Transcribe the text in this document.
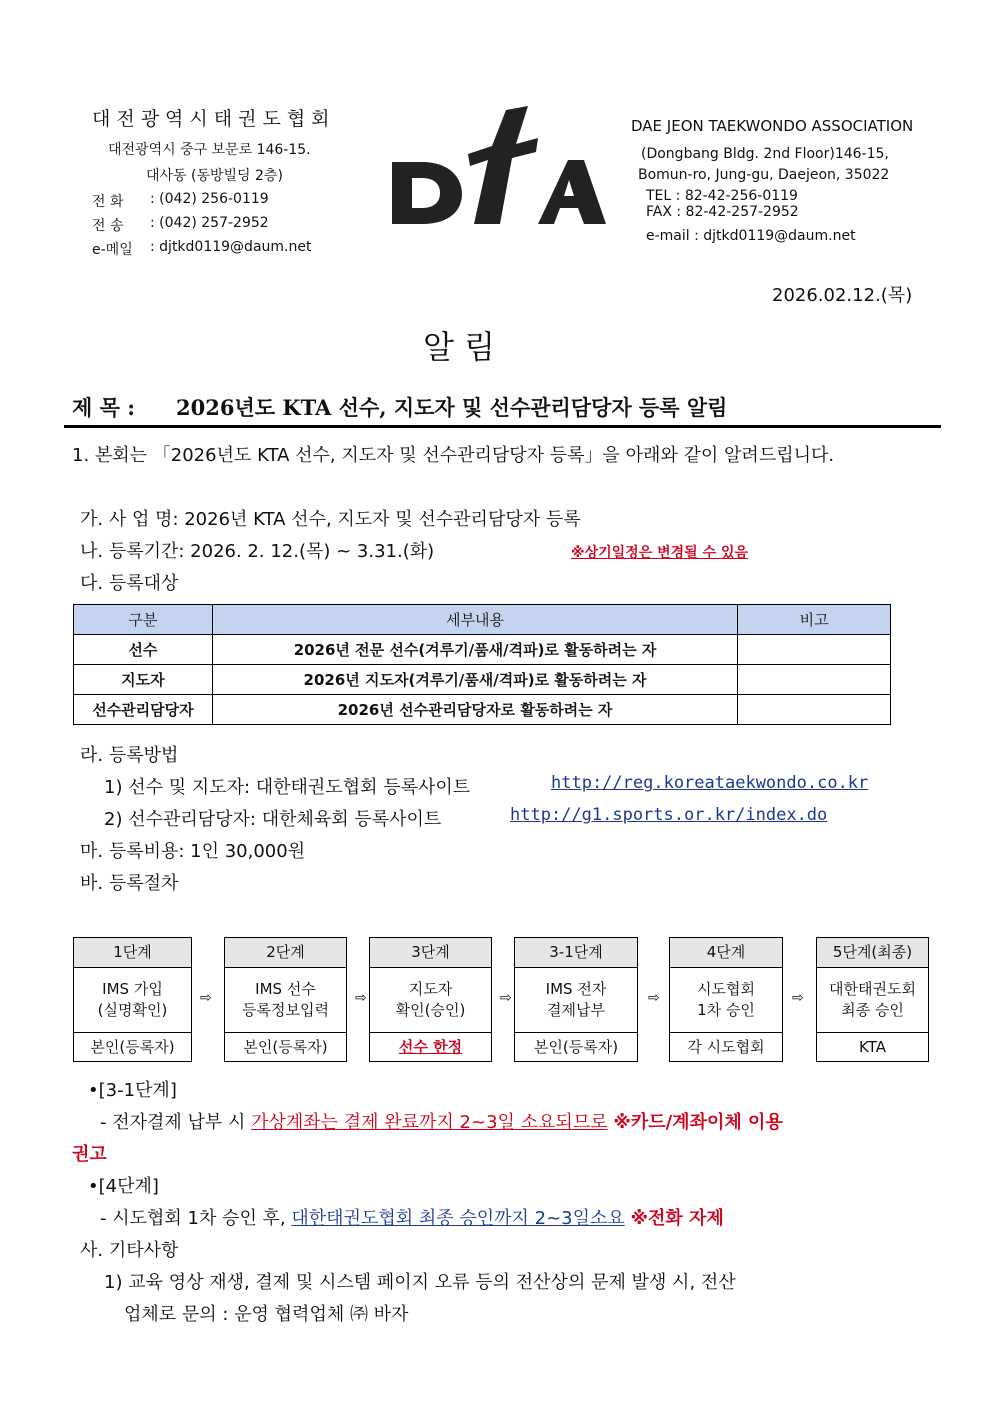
대전광역시태권도협회
대전광역시 중구 보문로 146-15.
대사동 (동방빌딩 2층)
전 화 : (042) 256-0119
전 송 : (042) 257-2952
e-메일 : djtkd0119@daum.net
DAE JEON TAEKWONDO ASSOCIATION
(Dongbang Bldg. 2nd Floor)146-15,
Bomun-ro, Jung-gu, Daejeon, 35022
TEL : 82-42-256-0119
FAX : 82-42-257-2952
e-mail : djtkd0119@daum.net
2026.02.12.(목)
알 림
제 목 : 2026년도 KTA 선수, 지도자 및 선수관리담당자 등록 알림
1. 본회는 「2026년도 KTA 선수, 지도자 및 선수관리담당자 등록」을 아래와 같이 알려드립니다.
가. 사 업 명: 2026년 KTA 선수, 지도자 및 선수관리담당자 등록
나. 등록기간: 2026. 2. 12.(목) ~ 3.31.(화)	※상기일정은 변경될 수 있음
다. 등록대상
구분	세부내용	비고
선수	2026년 전문 선수(겨루기/품새/격파)로 활동하려는 자	
지도자	2026년 지도자(겨루기/품새/격파)로 활동하려는 자	
선수관리담당자	2026년 선수관리담당자로 활동하려는 자	
라. 등록방법
1) 선수 및 지도자: 대한태권도협회 등록사이트	http://reg.koreataekwondo.co.kr
2) 선수관리담당자: 대한체육회 등록사이트	http://g1.sports.or.kr/index.do
마. 등록비용: 1인 30,000원
바. 등록절차
1단계
IMS 가입
(실명확인)
본인(등록자)
⇨
2단계
IMS 선수
등록정보입력
본인(등록자)
⇨
3단계
지도자
확인(승인)
선수 한정
⇨
3-1단계
IMS 전자
결제납부
본인(등록자)
⇨
4단계
시도협회
1차 승인
각 시도협회
⇨
5단계(최종)
대한태권도회
최종 승인
KTA
•[3-1단계]
- 전자결제 납부 시 가상계좌는 결제 완료까지 2~3일 소요되므로 ※카드/계좌이체 이용
권고
•[4단계]
- 시도협회 1차 승인 후, 대한태권도협회 최종 승인까지 2~3일소요 ※전화 자제
사. 기타사항
1) 교육 영상 재생, 결제 및 시스템 페이지 오류 등의 전산상의 문제 발생 시, 전산
업체로 문의 : 운영 협력업체 ㈜ 바자
